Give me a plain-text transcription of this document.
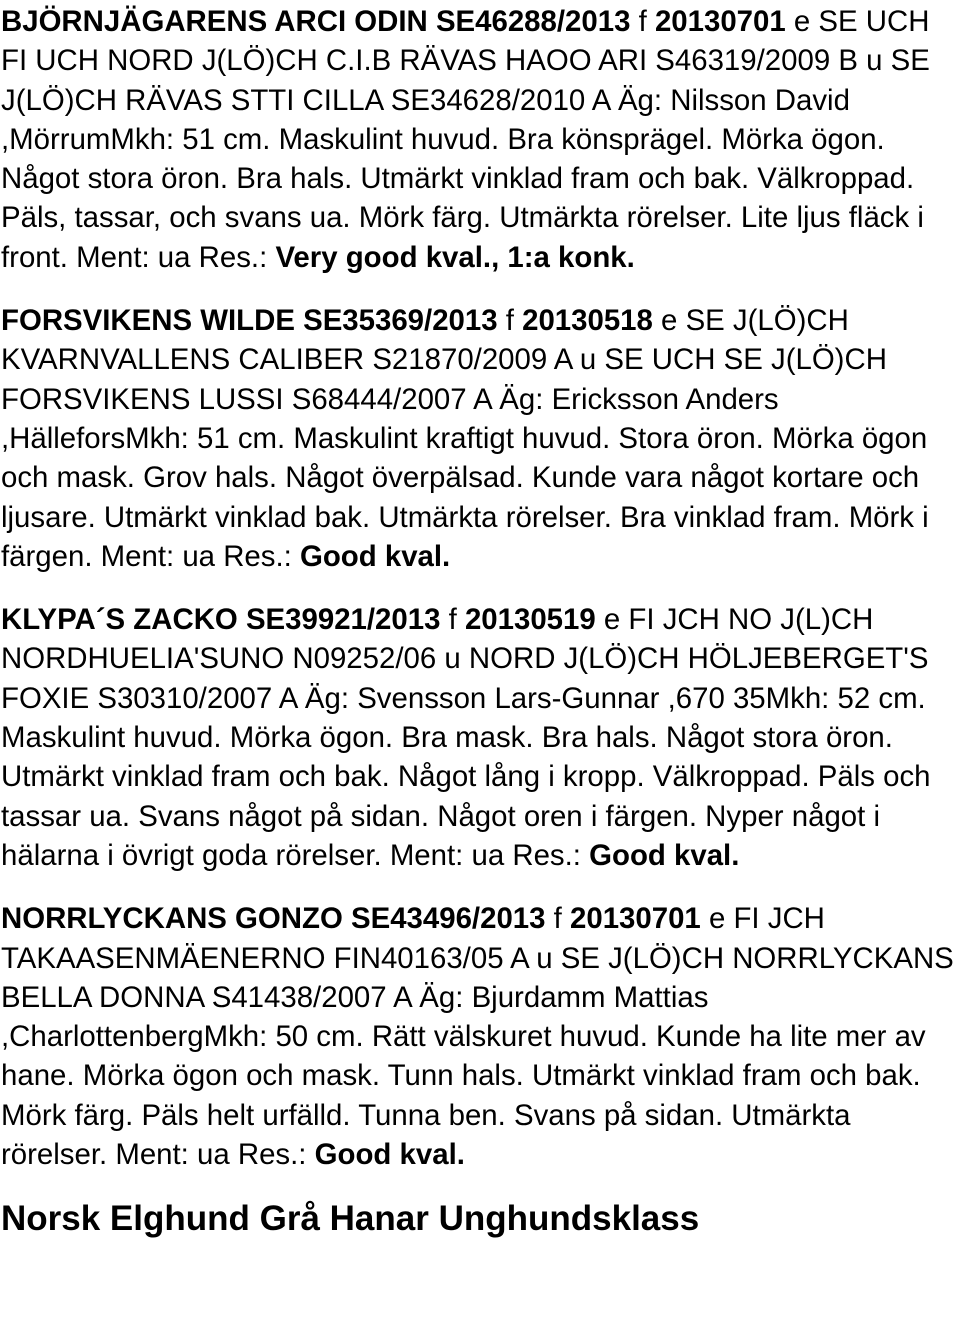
BJÖRNJÄGARENS ARCI ODIN SE46288/2013 f 20130701 e SE UCH FI UCH NORD J(LÖ)CH C.I.B RÄVAS HAOO ARI S46319/2009 B u SE J(LÖ)CH RÄVAS STTI CILLA SE34628/2010 A Äg: Nilsson David ,MörrumMkh: 51 cm. Maskulint huvud. Bra könsprägel. Mörka ögon. Något stora öron. Bra hals. Utmärkt vinklad fram och bak. Välkroppad. Päls, tassar, och svans ua. Mörk färg. Utmärkta rörelser. Lite ljus fläck i front. Ment: ua Res.: Very good kval., 1:a konk.

FORSVIKENS WILDE SE35369/2013 f 20130518 e SE J(LÖ)CH KVARNVALLENS CALIBER S21870/2009 A u SE UCH SE J(LÖ)CH FORSVIKENS LUSSI S68444/2007 A Äg: Ericksson Anders ,HälleforsMkh: 51 cm. Maskulint kraftigt huvud. Stora öron. Mörka ögon och mask. Grov hals. Något överpälsad. Kunde vara något kortare och ljusare. Utmärkt vinklad bak. Utmärkta rörelser. Bra vinklad fram. Mörk i färgen. Ment: ua Res.: Good kval.

KLYPA´S ZACKO SE39921/2013 f 20130519 e FI JCH NO J(L)CH NORDHUELIA'SUNO N09252/06 u NORD J(LÖ)CH HÖLJEBERGET'S FOXIE S30310/2007 A Äg: Svensson Lars-Gunnar ,670 35Mkh: 52 cm. Maskulint huvud. Mörka ögon. Bra mask. Bra hals. Något stora öron. Utmärkt vinklad fram och bak. Något lång i kropp. Välkroppad. Päls och tassar ua. Svans något på sidan. Något oren i färgen. Nyper något i hälarna i övrigt goda rörelser. Ment: ua Res.: Good kval.

NORRLYCKANS GONZO SE43496/2013 f 20130701 e FI JCH TAKAASENMÄENERNO FIN40163/05 A u SE J(LÖ)CH NORRLYCKANS BELLA DONNA S41438/2007 A Äg: Bjurdamm Mattias ,CharlottenbergMkh: 50 cm. Rätt välskuret huvud. Kunde ha lite mer av hane. Mörka ögon och mask. Tunn hals. Utmärkt vinklad fram och bak. Mörk färg. Päls helt urfälld. Tunna ben. Svans på sidan. Utmärkta rörelser. Ment: ua Res.: Good kval.

Norsk Elghund Grå Hanar Unghundsklass
